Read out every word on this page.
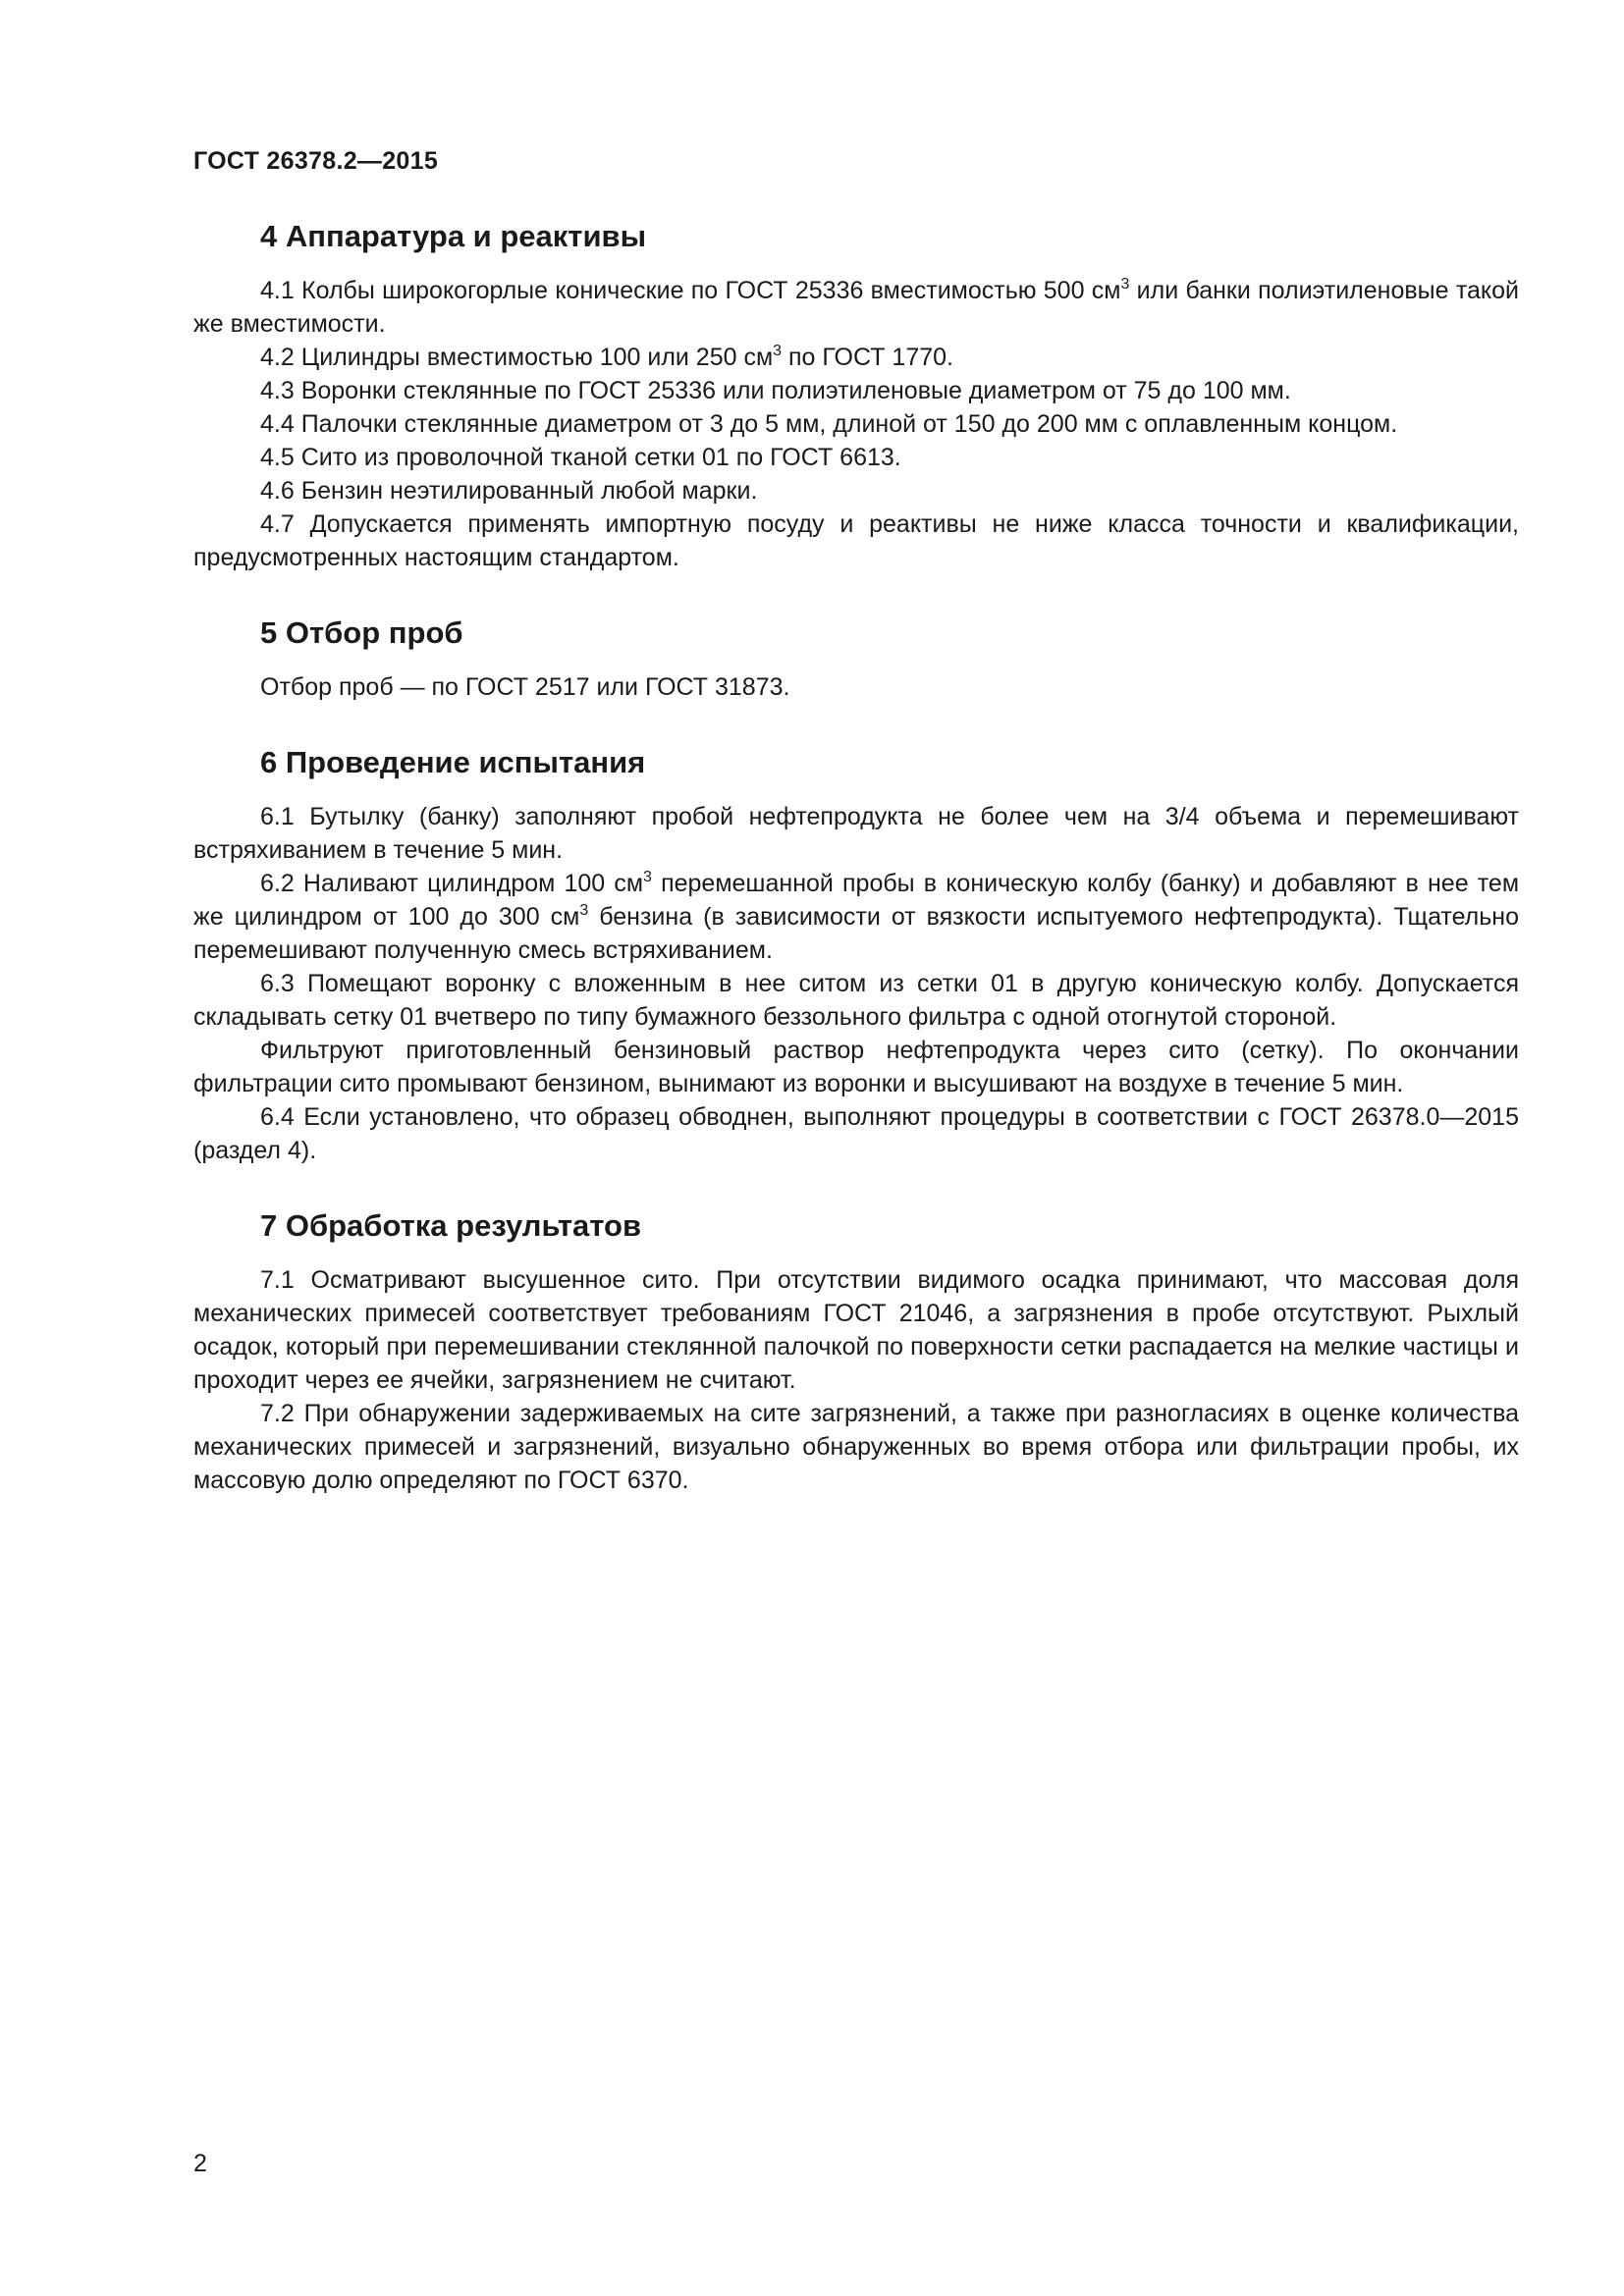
ГОСТ 26378.2—2015
4 Аппаратура и реактивы

4.1 Колбы широкогорлые конические по ГОСТ 25336 вместимостью 500 $см^3$ или банки полиэтиленовые такой же вместимости.

4.2 Цилиндры вместимостью 100 или 250 $см^3$ по ГОСТ 1770.

4.3 Воронки стеклянные по ГОСТ 25336 или полиэтиленовые диаметром от 75 до 100 мм.

4.4 Палочки стеклянные диаметром от 3 до 5 мм, длиной от 150 до 200 мм с оплавленным концом.

4.5 Сито из проволочной тканой сетки 01 по ГОСТ 6613.

4.6 Бензин неэтилированный любой марки.

4.7 Допускается применять импортную посуду и реактивы не ниже класса точности и квалификации, предусмотренных настоящим стандартом.

5 Отбор проб

Отбор проб — по ГОСТ 2517 или ГОСТ 31873.

6 Проведение испытания

6.1 Бутылку (банку) заполняют пробой нефтепродукта не более чем на 3/4 объема и перемешивают встряхиванием в течение 5 мин.

6.2 Наливают цилиндром 100 $см^3$ перемешанной пробы в коническую колбу (банку) и добавляют в нее тем же цилиндром от 100 до 300 $см^3$ бензина (в зависимости от вязкости испытуемого нефтепродукта). Тщательно перемешивают полученную смесь встряхиванием.

6.3 Помещают воронку с вложенным в нее ситом из сетки 01 в другую коническую колбу. Допускается складывать сетку 01 вчетверо по типу бумажного беззольного фильтра с одной отогнутой стороной.

Фильтруют приготовленный бензиновый раствор нефтепродукта через сито (сетку). По окончании фильтрации сито промывают бензином, вынимают из воронки и высушивают на воздухе в течение 5 мин.

6.4 Если установлено, что образец обводнен, выполняют процедуры в соответствии с ГОСТ 26378.0—2015 (раздел 4).

7 Обработка результатов

7.1 Осматривают высушенное сито. При отсутствии видимого осадка принимают, что массовая доля механических примесей соответствует требованиям ГОСТ 21046, а загрязнения в пробе отсутствуют. Рыхлый осадок, который при перемешивании стеклянной палочкой по поверхности сетки распадается на мелкие частицы и проходит через ее ячейки, загрязнением не считают.

7.2 При обнаружении задерживаемых на сите загрязнений, а также при разногласиях в оценке количества механических примесей и загрязнений, визуально обнаруженных во время отбора или фильтрации пробы, их массовую долю определяют по ГОСТ 6370.

2
